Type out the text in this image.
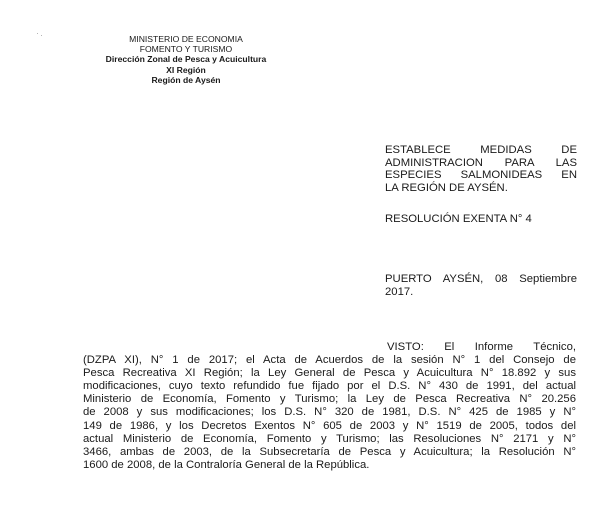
MINISTERIO DE ECONOMIA
FOMENTO Y TURISMO
Dirección Zonal de Pesca y Acuicultura
XI Región
Región de Aysén
ESTABLECE MEDIDAS DE
ADMINISTRACION PARA LAS
ESPECIES SALMONIDEAS EN
LA REGIÓN DE AYSÉN.
RESOLUCIÓN EXENTA N° 4
PUERTO AYSÉN, 08 Septiembre
2017.
VISTO: El Informe Técnico,
(DZPA XI), N° 1 de 2017; el Acta de Acuerdos de la sesión N° 1 del Consejo de
Pesca Recreativa XI Región; la Ley General de Pesca y Acuicultura N° 18.892 y sus
modificaciones, cuyo texto refundido fue fijado por el D.S. N° 430 de 1991, del actual
Ministerio de Economía, Fomento y Turismo; la Ley de Pesca Recreativa N° 20.256
de 2008 y sus modificaciones; los D.S. N° 320 de 1981, D.S. N° 425 de 1985 y N°
149 de 1986, y los Decretos Exentos N° 605 de 2003 y N° 1519 de 2005, todos del
actual Ministerio de Economía, Fomento y Turismo; las Resoluciones N° 2171 y N°
3466, ambas de 2003, de la Subsecretaría de Pesca y Acuicultura; la Resolución N°
1600 de 2008, de la Contraloría General de la República.
